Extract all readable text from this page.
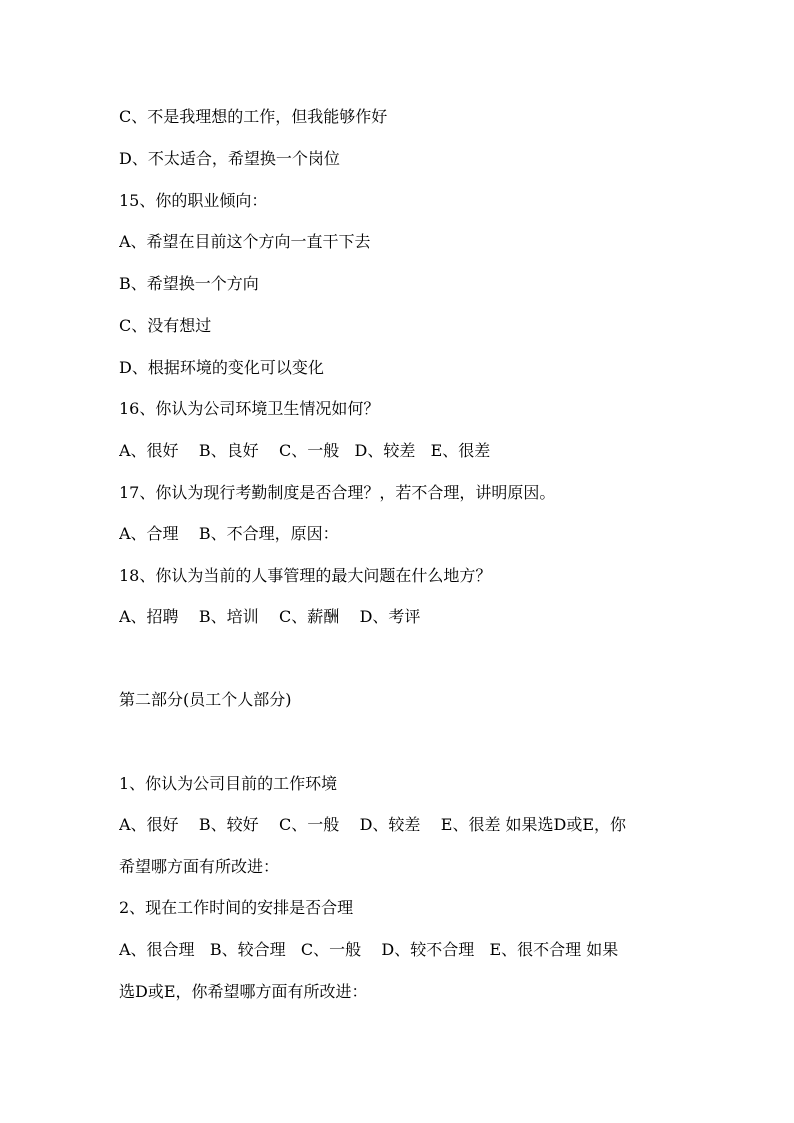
C、不是我理想的工作，但我能够作好
D、不太适合，希望换一个岗位
15、你的职业倾向：
A、希望在目前这个方向一直干下去
B、希望换一个方向
C、没有想过
D、根据环境的变化可以变化
16、你认为公司环境卫生情况如何？
A、很好    B、良好    C、一般   D、较差   E、很差
17、你认为现行考勤制度是否合理？，若不合理，讲明原因。
A、合理    B、不合理，原因：
18、你认为当前的人事管理的最大问题在什么地方？
A、招聘    B、培训    C、薪酬    D、考评
第二部分(员工个人部分)
1、你认为公司目前的工作环境
A、很好    B、较好    C、一般    D、较差    E、很差 如果选D或E，你
希望哪方面有所改进：
2、现在工作时间的安排是否合理
A、很合理   B、较合理   C、一般    D、较不合理   E、很不合理 如果
选D或E，你希望哪方面有所改进：
